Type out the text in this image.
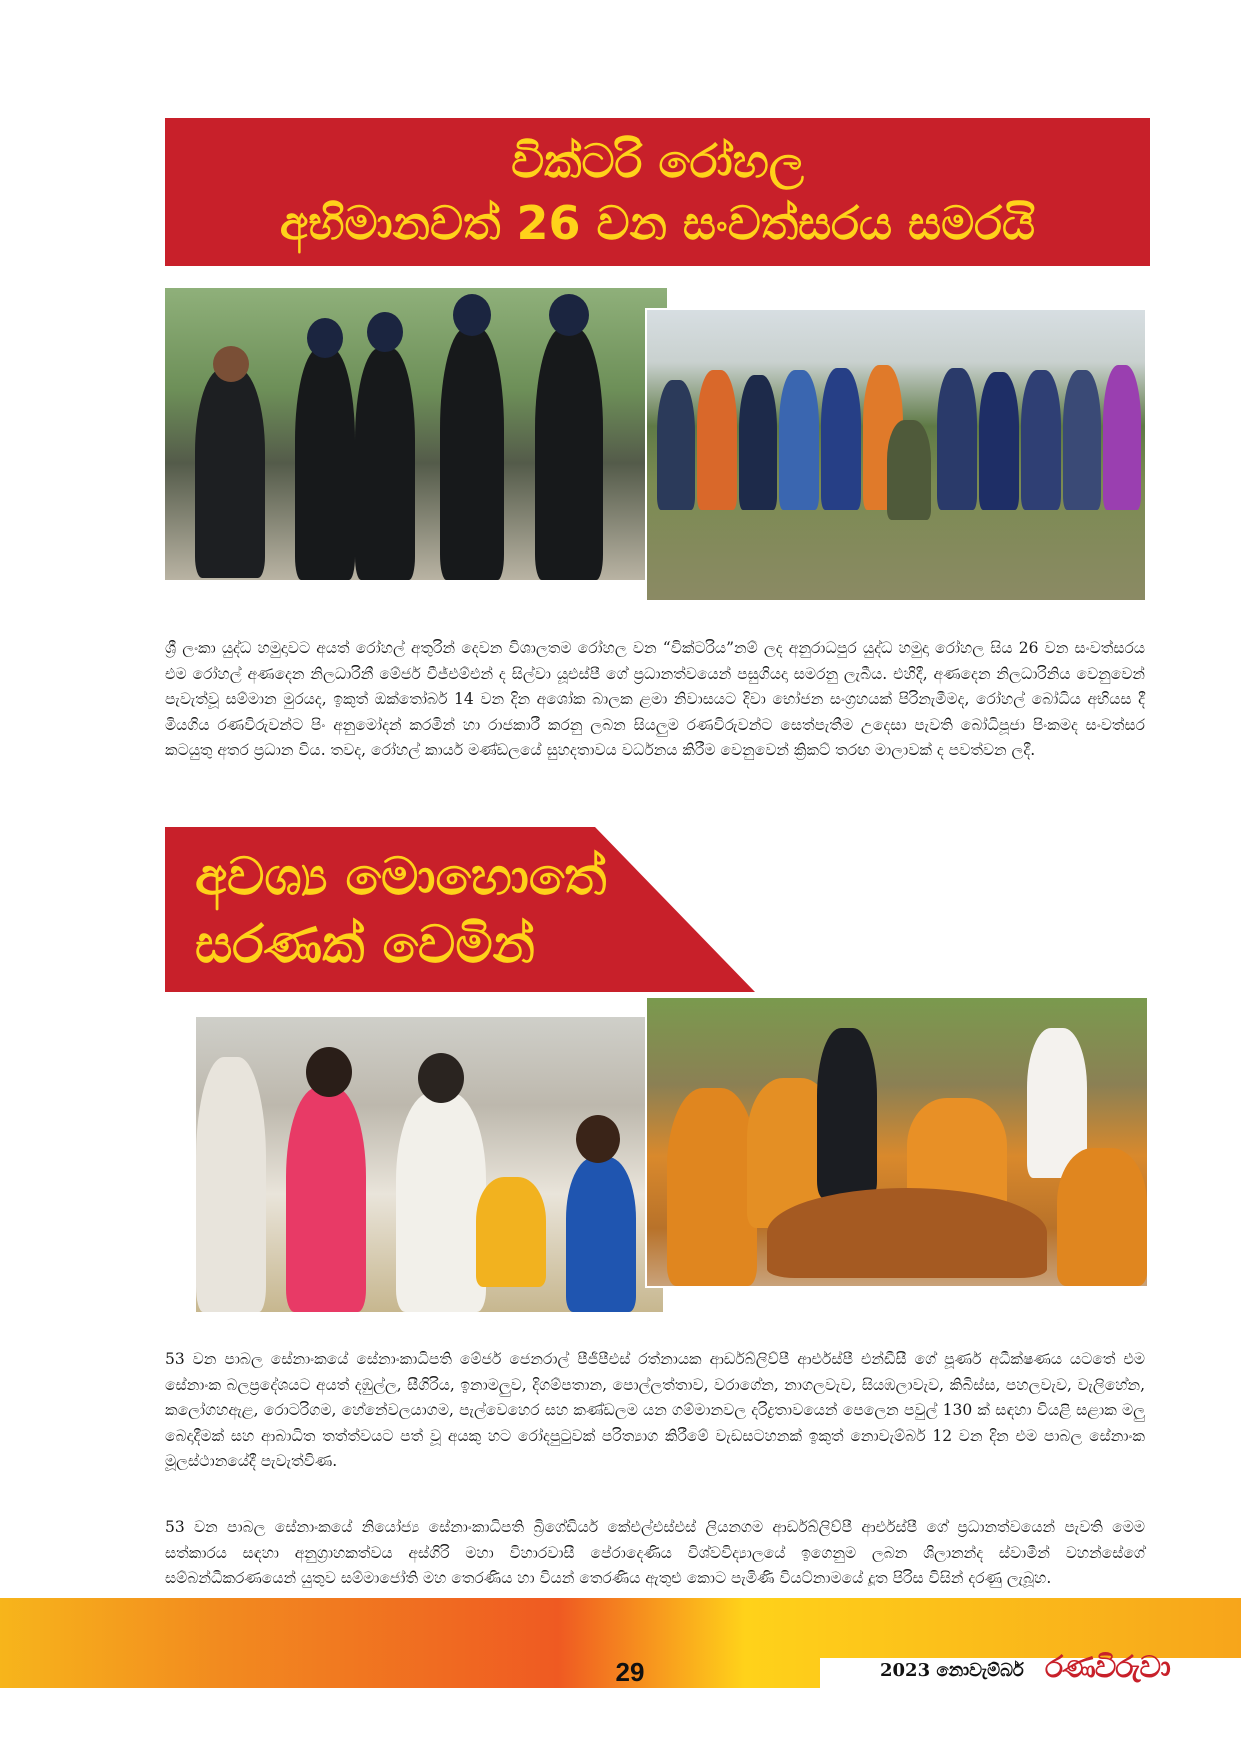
වික්ටරි රෝහල
අභිමානවත් 26 වන සංවත්සරය සමරයි

ශ්‍රී ලංකා යුද්ධ හමුදාවට අයත් රෝහල් අතුරින් දෙවන විශාලතම රෝහල වන “වික්ටරිය”නම් ලද අනුරාධපුර යුද්ධ හමුදා රෝහල සිය 26 වන සංවත්සරය එම රෝහල් අණදෙන නිලධාරිනී මේජර් වීජ්එම්එන් ද සිල්වා යූඑස්පී ගේ ප්‍රධානත්වයෙන් පසුගියදා සමරනු ලැබීය. එහිදී, අණදෙන නිලධාරිනිය වෙනුවෙන් පැවැත්වූ සම්මාන මුරයද, ඉකුත් ඔක්තෝබර් 14 වන දින අශෝක බාලක ළමා නිවාසයට දිවා භෝජන සංග්‍රහයක් පිරිනැමීමද, රෝහල් බෝධිය අභියස දී මියගිය රණවිරුවන්ට පිං අනුමෝදන් කරමින් හා රාජකාරී කරනු ලබන සියලුම රණවිරුවන්ට සෙත්පැතීම උදෙසා පැවති බෝධිපූජා පිංකමද සංවත්සර කටයුතු අතර ප්‍රධාන විය. තවද, රෝහල් කාර්ය මණ්ඩලයේ සුහදතාවය වර්ධනය කිරීම වෙනුවෙන් ක්‍රිකට් තරඟ මාලාවක් ද පවත්වන ලදී.

අවශ්‍ය මොහොතේ
සරණක් වෙමින්

53 වන පාබල සේනාංකයේ සේනාංකාධිපති මේජර් ජෙනරාල් පීජීපීඑස් රත්නායක ආර්ඩබ්ලිව්පී ආර්එස්පී එන්ඩීසී ගේ පූර්ණ අධීක්ෂණය යටතේ එම සේනාංක බලප්‍රදේශයට අයත් දඹුල්ල, සීගිරිය, ඉනාමලුව, දිගම්පතාන, පොල්ලත්තාව, වරාගේන, නාගලවැව, සියඹලාවැව, කිබිස්ස, පහලවැව, වැලිහේන, කලෝගහඇළ, රොටරිගම, හේනේවලයාගම, පැල්වෙහෙර සහ කණ්ඩලම යන ගම්මානවල දරිද්‍රතාවයෙන් පෙලෙන පවුල් 130 ක් සඳහා වියළි සළාක මලු බෙදාදීමක් සහ ආබාධිත තත්ත්වයට පත් වූ අයකු හට රෝදපුටුවක් පරිත්‍යාග කිරීමේ වැඩසටහනක් ඉකුත් නොවැම්බර් 12 වන දින එම පාබල සේනාංක මූලස්ථානයේදී පැවැත්විණ.

53 වන පාබල සේනාංකයේ නියෝජ්‍ය සේනාංකාධිපති බ්‍රිගේඩියර් කේඑල්එස්එස් ලියනගම ආර්ඩබ්ලිව්පී ආර්එස්පී ගේ ප්‍රධානත්වයෙන් පැවති මෙම සත්කාරය සඳහා අනුග්‍රාහකත්වය අස්ගිරි මහා විහාරවාසී පේරාදෙණිය විශ්වවිද්‍යාලයේ ඉගෙනුම ලබන ශිලානන්ද ස්වාමීන් වහන්සේගේ සම්බන්ධීකරණයෙන් යුතුව සම්මාජෝති මහ තෙරණිය හා වියන් තෙරණිය ඇතුළු කොට පැමිණි වියට්නාමයේ දූත පිරිස විසින් දරණු ලැබූහ.

29	2023 නොවැම්බර් රණවිරුවා
